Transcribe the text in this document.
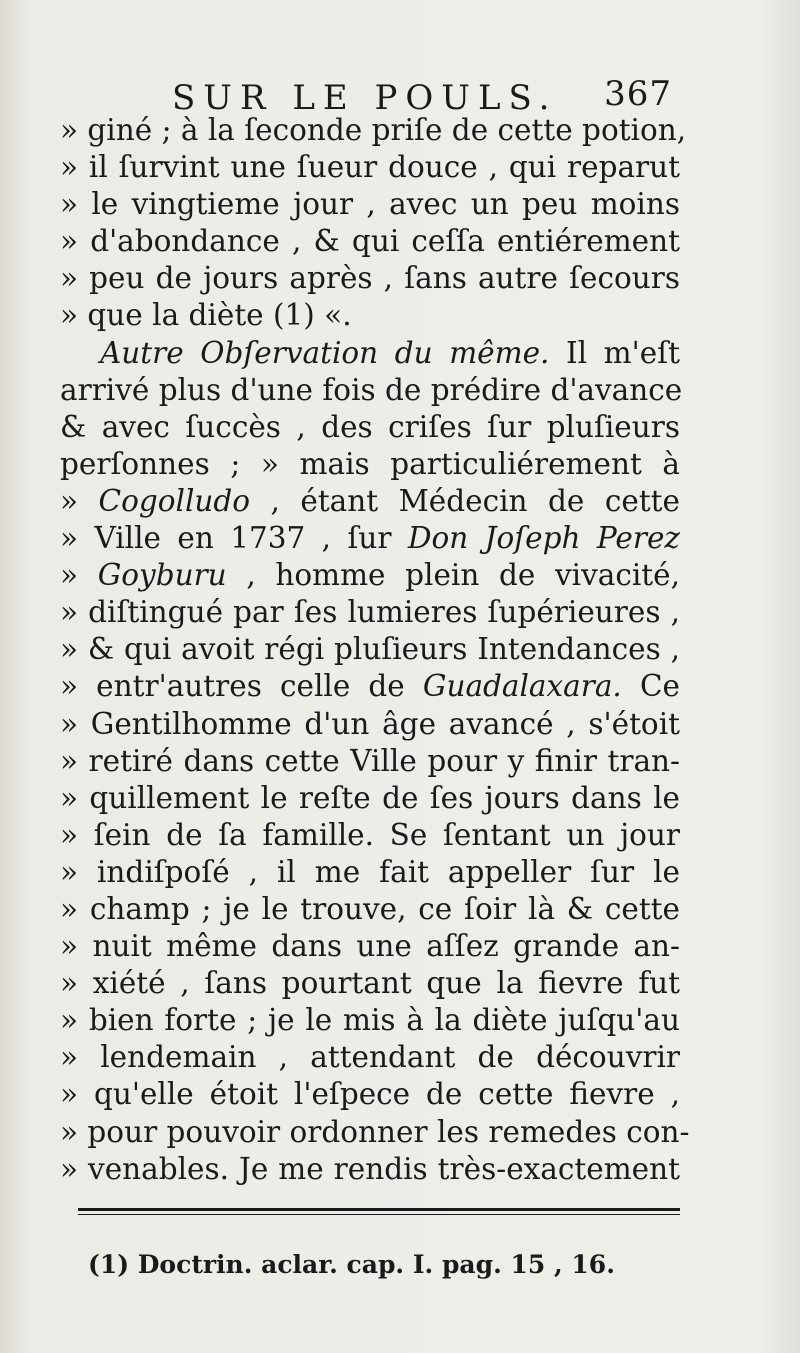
SUR LE POULS. 367
» giné ; à la ſeconde priſe de cette potion,
» il ſurvint une ſueur douce , qui reparut
» le vingtieme jour , avec un peu moins
» d'abondance , & qui ceſſa entiérement
» peu de jours après , ſans autre ſecours
» que la diète (1) «.
Autre Obſervation du même. Il m'eſt
arrivé plus d'une fois de prédire d'avance
& avec ſuccès , des criſes ſur pluſieurs
perſonnes ; » mais particuliérement à
» Cogolludo , étant Médecin de cette
» Ville en 1737 , ſur Don Joſeph Perez
» Goyburu , homme plein de vivacité,
» diſtingué par ſes lumieres ſupérieures ,
» & qui avoit régi pluſieurs Intendances ,
» entr'autres celle de Guadalaxara. Ce
» Gentilhomme d'un âge avancé , s'étoit
» retiré dans cette Ville pour y finir tran-
» quillement le reſte de ſes jours dans le
» ſein de ſa famille. Se ſentant un jour
» indiſpoſé , il me fait appeller ſur le
» champ ; je le trouve, ce ſoir là & cette
» nuit même dans une aſſez grande an-
» xiété , ſans pourtant que la fievre fut
» bien forte ; je le mis à la diète juſqu'au
» lendemain , attendant de découvrir
» qu'elle étoit l'eſpece de cette fievre ,
» pour pouvoir ordonner les remedes con-
» venables. Je me rendis très-exactement
(1) Doctrin. aclar. cap. I. pag. 15 , 16.
